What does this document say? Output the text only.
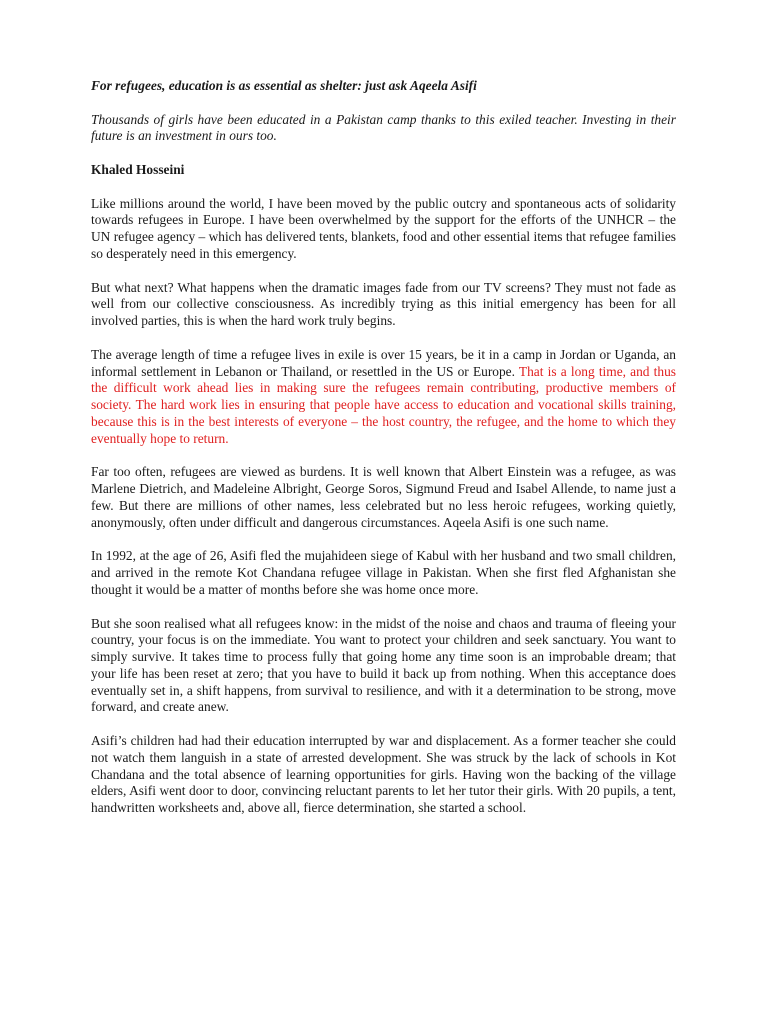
For refugees, education is as essential as shelter: just ask Aqeela Asifi

Thousands of girls have been educated in a Pakistan camp thanks to this exiled teacher. Investing in their future is an investment in ours too.

Khaled Hosseini

Like millions around the world, I have been moved by the public outcry and spontaneous acts of solidarity towards refugees in Europe. I have been overwhelmed by the support for the efforts of the UNHCR – the UN refugee agency – which has delivered tents, blankets, food and other essential items that refugee families so desperately need in this emergency.

But what next? What happens when the dramatic images fade from our TV screens? They must not fade as well from our collective consciousness. As incredibly trying as this initial emergency has been for all involved parties, this is when the hard work truly begins.

The average length of time a refugee lives in exile is over 15 years, be it in a camp in Jordan or Uganda, an informal settlement in Lebanon or Thailand, or resettled in the US or Europe. That is a long time, and thus the difficult work ahead lies in making sure the refugees remain contributing, productive members of society. The hard work lies in ensuring that people have access to education and vocational skills training, because this is in the best interests of everyone – the host country, the refugee, and the home to which they eventually hope to return.

Far too often, refugees are viewed as burdens. It is well known that Albert Einstein was a refugee, as was Marlene Dietrich, and Madeleine Albright, George Soros, Sigmund Freud and Isabel Allende, to name just a few. But there are millions of other names, less celebrated but no less heroic refugees, working quietly, anonymously, often under difficult and dangerous circumstances. Aqeela Asifi is one such name.

In 1992, at the age of 26, Asifi fled the mujahideen siege of Kabul with her husband and two small children, and arrived in the remote Kot Chandana refugee village in Pakistan. When she first fled Afghanistan she thought it would be a matter of months before she was home once more.

But she soon realised what all refugees know: in the midst of the noise and chaos and trauma of fleeing your country, your focus is on the immediate. You want to protect your children and seek sanctuary. You want to simply survive. It takes time to process fully that going home any time soon is an improbable dream; that your life has been reset at zero; that you have to build it back up from nothing. When this acceptance does eventually set in, a shift happens, from survival to resilience, and with it a determination to be strong, move forward, and create anew.

Asifi’s children had had their education interrupted by war and displacement. As a former teacher she could not watch them languish in a state of arrested development. She was struck by the lack of schools in Kot Chandana and the total absence of learning opportunities for girls. Having won the backing of the village elders, Asifi went door to door, convincing reluctant parents to let her tutor their girls. With 20 pupils, a tent, handwritten worksheets and, above all, fierce determination, she started a school.
